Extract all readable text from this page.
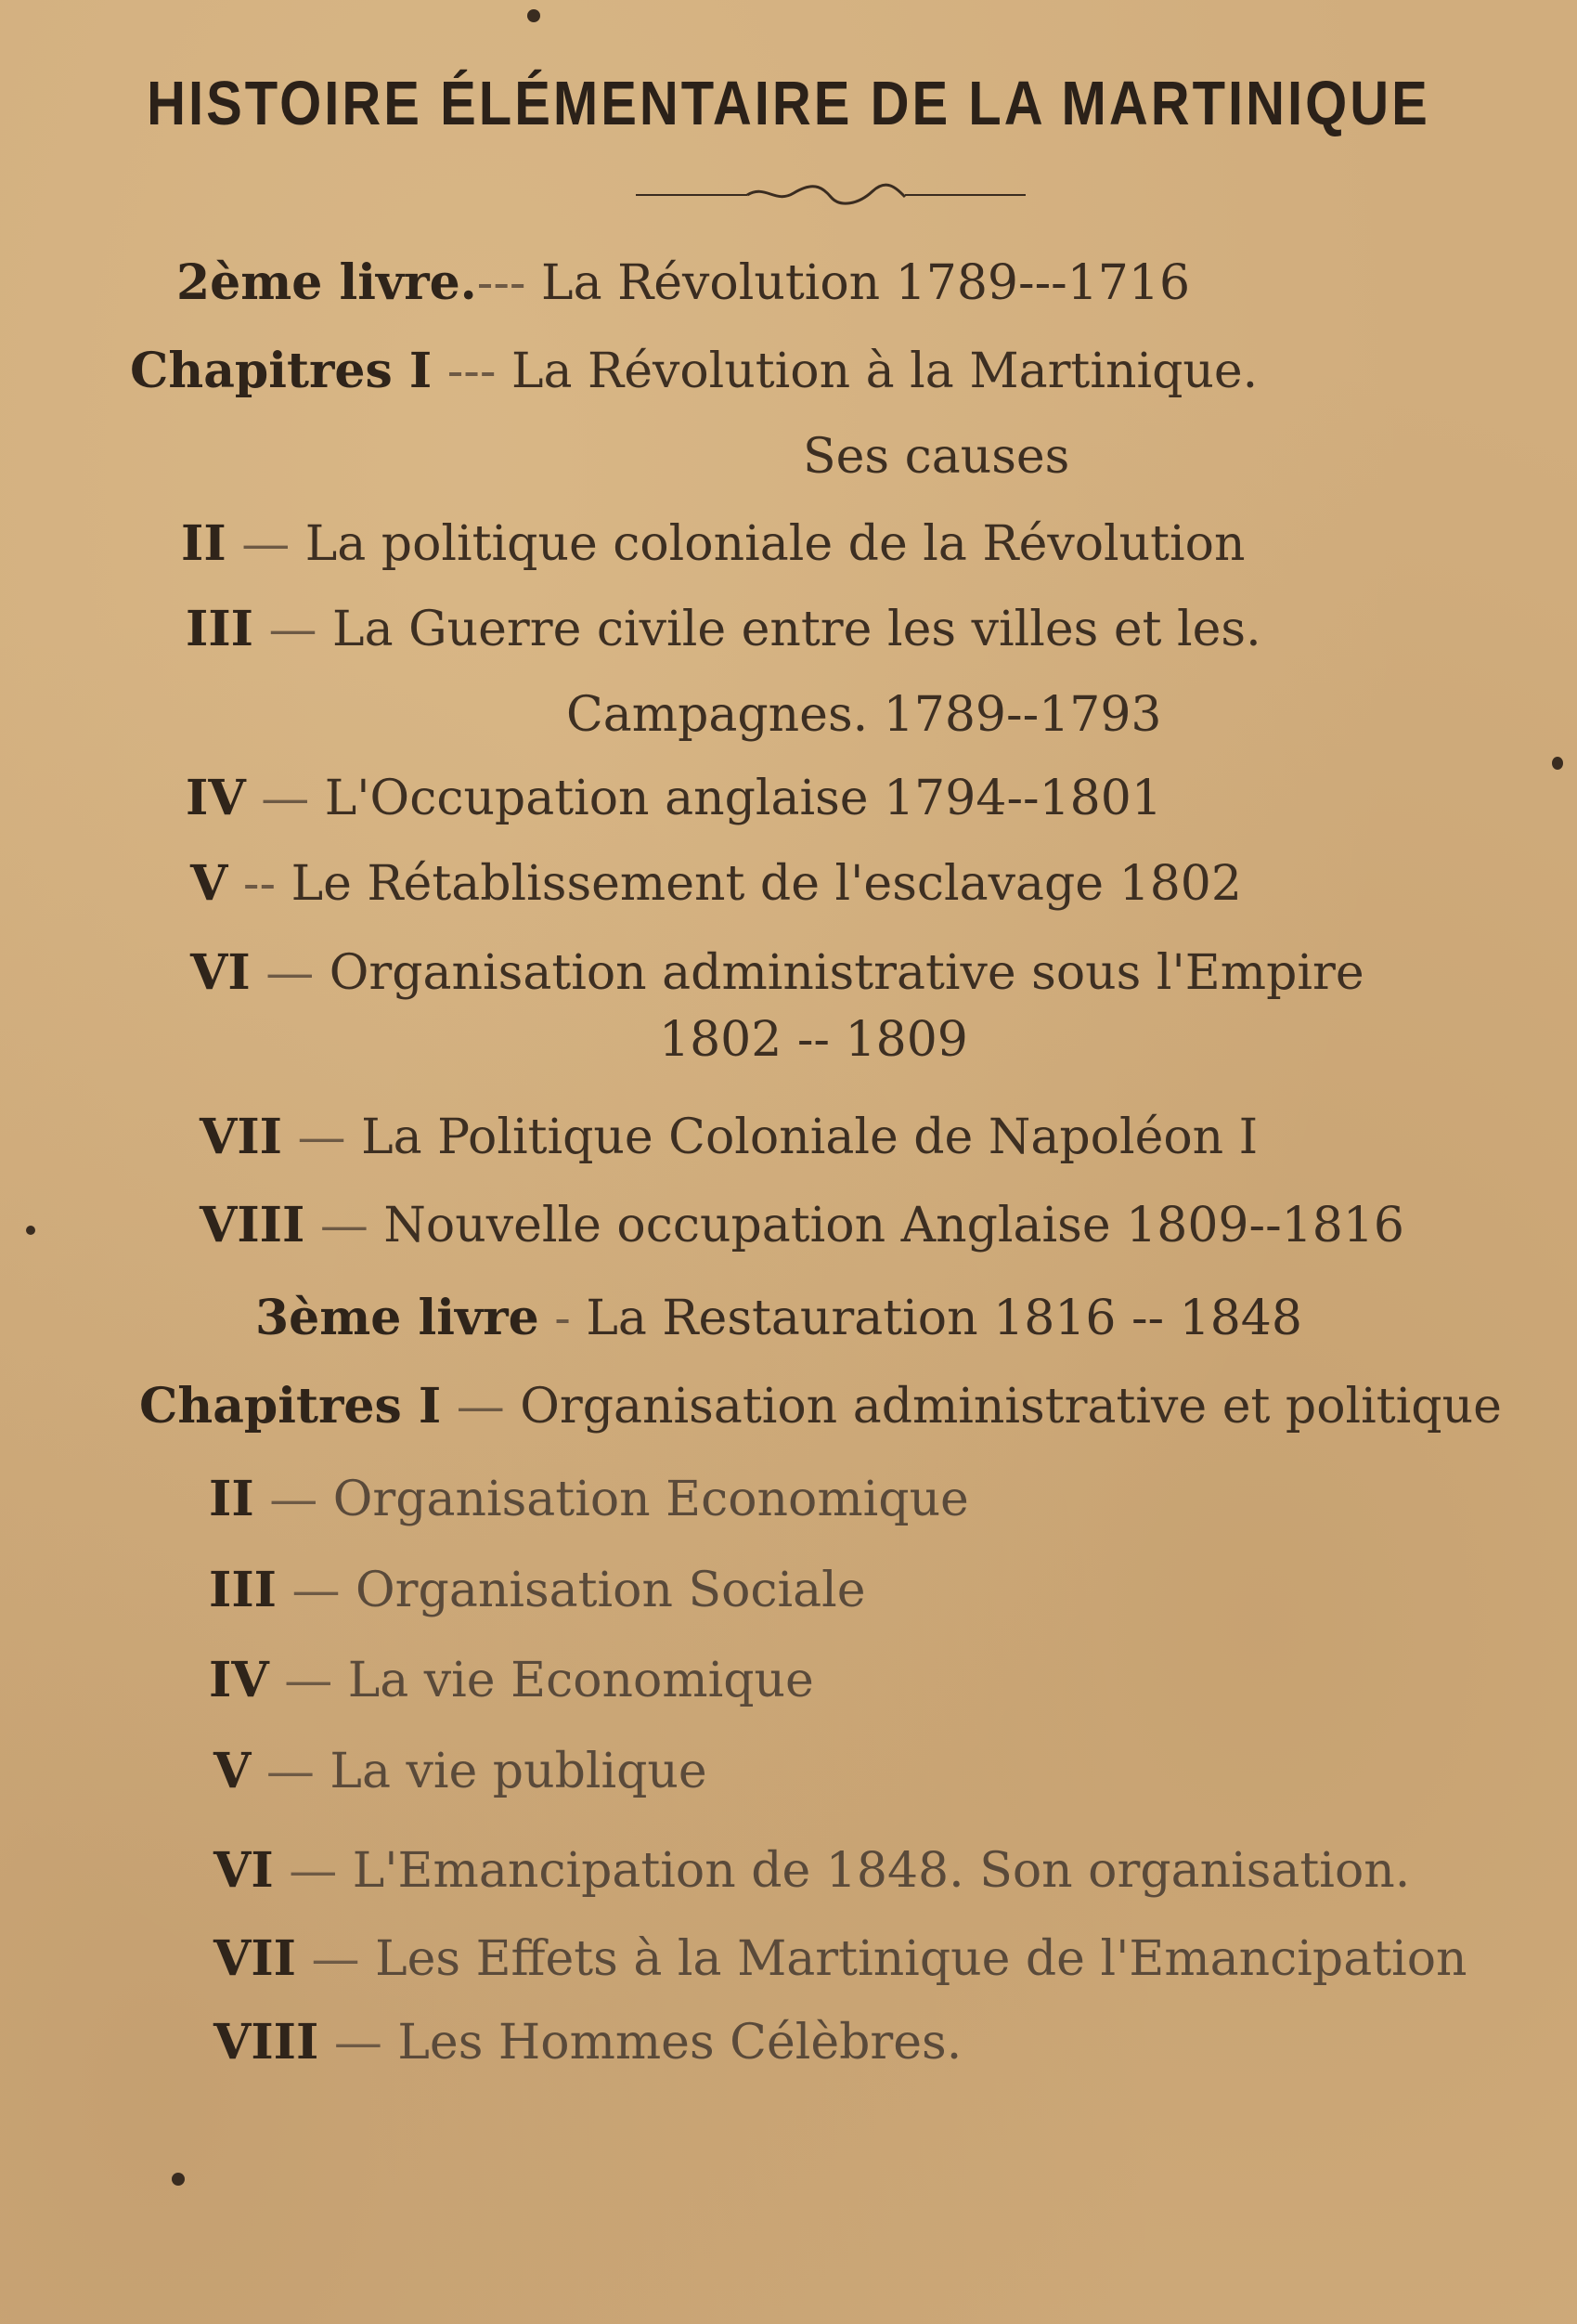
HISTOIRE ÉLÉMENTAIRE DE LA MARTINIQUE
2ème livre.--- La Révolution 1789---1716
Chapitres I --- La Révolution à la Martinique.
Ses causes
II — La politique coloniale de la Révolution
III — La Guerre civile entre les villes et les.
Campagnes. 1789--1793
IV — L'Occupation anglaise 1794--1801
V -- Le Rétablissement de l'esclavage 1802
VI — Organisation administrative sous l'Empire
1802 -- 1809
VII — La Politique Coloniale de Napoléon I
VIII — Nouvelle occupation Anglaise 1809--1816
3ème livre - La Restauration 1816 -- 1848
Chapitres I — Organisation administrative et politique
II — Organisation Economique
III — Organisation Sociale
IV — La vie Economique
V — La vie publique
VI — L'Emancipation de 1848. Son organisation.
VII — Les Effets à la Martinique de l'Emancipation
VIII — Les Hommes Célèbres.
